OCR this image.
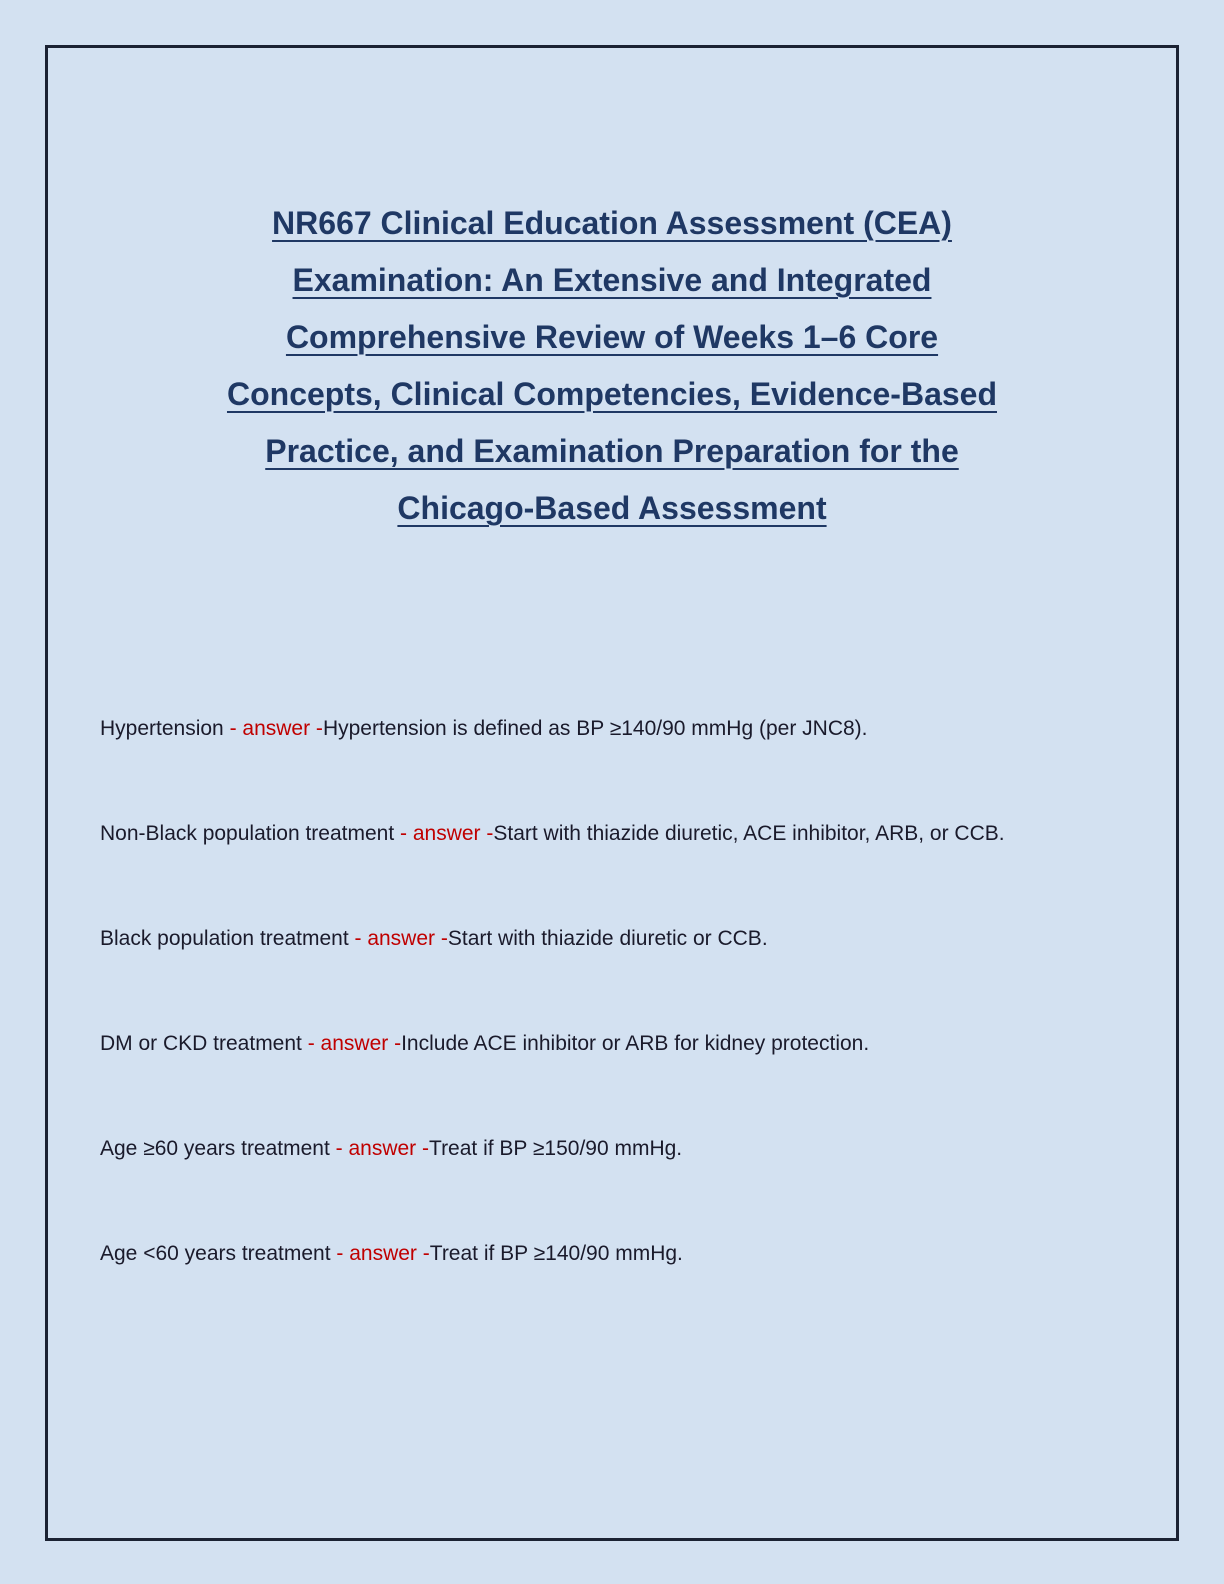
NR667 Clinical Education Assessment (CEA)
Examination: An Extensive and Integrated
Comprehensive Review of Weeks 1–6 Core
Concepts, Clinical Competencies, Evidence-Based
Practice, and Examination Preparation for the
Chicago-Based Assessment
Hypertension - answer -Hypertension is defined as BP ≥140/90 mmHg (per JNC8).
Non-Black population treatment - answer -Start with thiazide diuretic, ACE inhibitor, ARB, or CCB.
Black population treatment - answer -Start with thiazide diuretic or CCB.
DM or CKD treatment - answer -Include ACE inhibitor or ARB for kidney protection.
Age ≥60 years treatment - answer -Treat if BP ≥150/90 mmHg.
Age <60 years treatment - answer -Treat if BP ≥140/90 mmHg.
